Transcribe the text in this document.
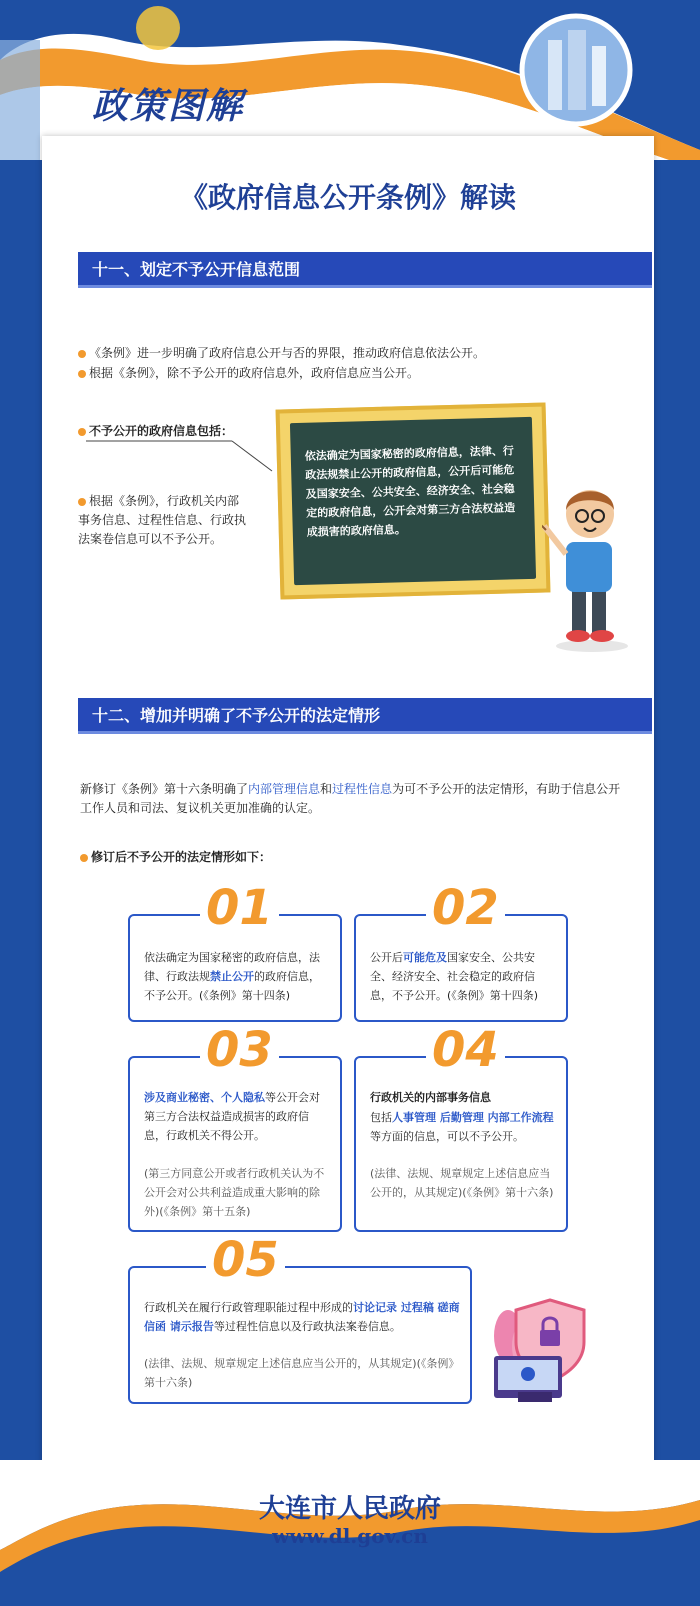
政策图解
《政府信息公开条例》解读
十一、划定不予公开信息范围
《条例》进一步明确了政府信息公开与否的界限，推动政府信息依法公开。
根据《条例》，除不予公开的政府信息外，政府信息应当公开。
不予公开的政府信息包括：
根据《条例》，行政机关内部事务信息、过程性信息、行政执法案卷信息可以不予公开。
依法确定为国家秘密的政府信息，法律、行政法规禁止公开的政府信息，公开后可能危及国家安全、公共安全、经济安全、社会稳定的政府信息，公开会对第三方合法权益造成损害的政府信息。
十二、增加并明确了不予公开的法定情形
新修订《条例》第十六条明确了内部管理信息和过程性信息为可不予公开的法定情形，有助于信息公开工作人员和司法、复议机关更加准确的认定。
修订后不予公开的法定情形如下：
01
依法确定为国家秘密的政府信息，法律、行政法规禁止公开的政府信息，不予公开。(《条例》第十四条)
02
公开后可能危及国家安全、公共安全、经济安全、社会稳定的政府信息，不予公开。(《条例》第十四条)
03
涉及商业秘密、个人隐私等公开会对第三方合法权益造成损害的政府信息，行政机关不得公开。
(第三方同意公开或者行政机关认为不公开会对公共利益造成重大影响的除外)(《条例》第十五条)
04
行政机关的内部事务信息
包括人事管理 后勤管理 内部工作流程等方面的信息，可以不予公开。
(法律、法规、规章规定上述信息应当公开的，从其规定)(《条例》第十六条)
05
行政机关在履行行政管理职能过程中形成的讨论记录 过程稿 磋商信函 请示报告等过程性信息以及行政执法案卷信息。
(法律、法规、规章规定上述信息应当公开的，从其规定)(《条例》第十六条)
大连市人民政府
www.dl.gov.cn
